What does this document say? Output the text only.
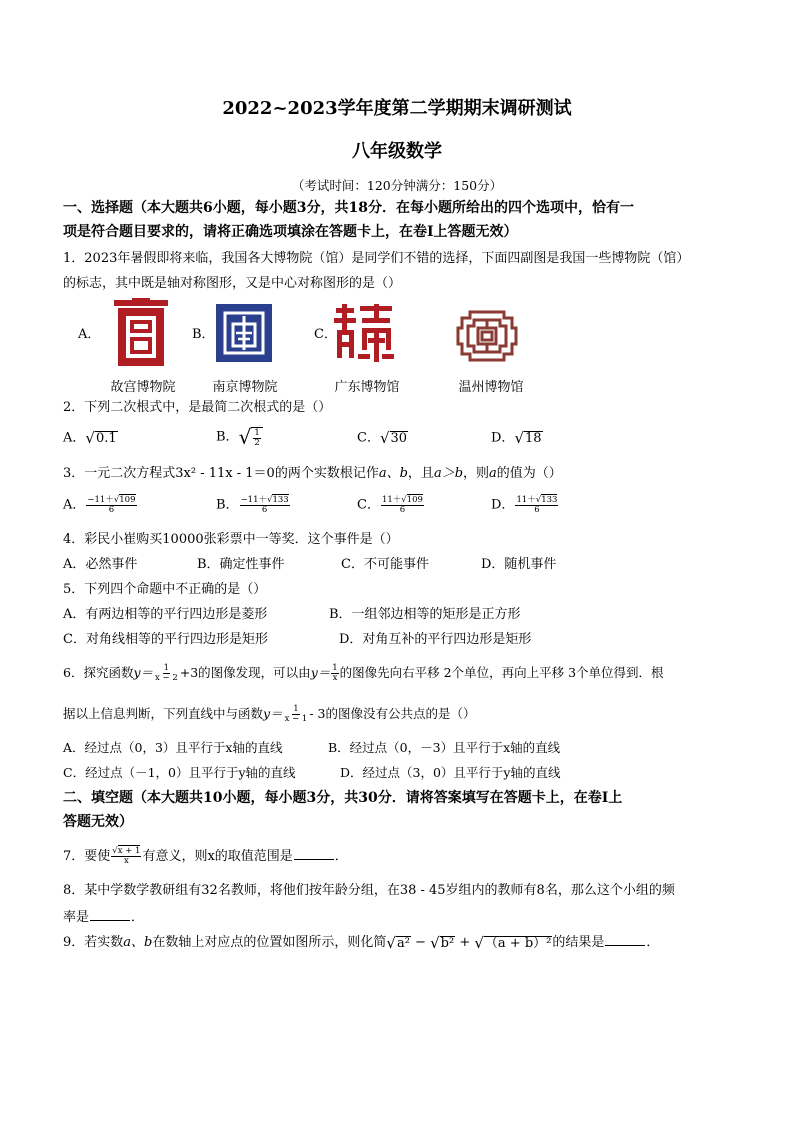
2022~2023学年度第二学期期末调研测试
八年级数学
（考试时间：120分钟满分：150分）
一、选择题（本大题共6小题，每小题3分，共18分．在每小题所给出的四个选项中，恰有一
项是符合题目要求的，请将正确选项填涂在答题卡上，在卷Ⅰ上答题无效）
1．2023年暑假即将来临，我国各大博物院（馆）是同学们不错的选择，下面四副图是我国一些博物院（馆）
的标志，其中既是轴对称图形，又是中心对称图形的是（）
A．	B．	C．
故宫博物院	南京博物院	广东博物馆	温州博物馆
2．下列二次根式中，是最简二次根式的是（）
A． √ 0.1	B． √ $\frac{1}{2}$	C． √ 30	D． √ 18
3．一元二次方程式3x² - 11x - 1＝0的两个实数根记作a、b，且a＞b，则a的值为（）
A． $\frac{-11+√109}{6}$	B． $\frac{-11+√133}{6}$	C． $\frac{11+√109}{6}$	D． $\frac{11+√133}{6}$
4．彩民小崔购买10000张彩票中一等奖．这个事件是（）
A．必然事件	B．确定性事件	C．不可能事件	D．随机事件
5．下列四个命题中不正确的是（）
A．有两边相等的平行四边形是菱形	B．一组邻边相等的矩形是正方形
C．对角线相等的平行四边形是矩形	D．对角互补的平行四边形是矩形
6．探究函数$y= \frac{1}{x - 2} +3$的图像发现，可以由$y= \frac{1}{x}$ 的图像先向右平移 2个单位，再向上平移 3个单位得到．根
据以上信息判断，下列直线中与函数$y= \frac{1}{x - 1} - 3$的图像没有公共点的是（）
A．经过点（0，3）且平行于x轴的直线	B．经过点（0，－3）且平行于x轴的直线
C．经过点（－1，0）且平行于y轴的直线	D．经过点（3，0）且平行于y轴的直线
二、填空题（本大题共10小题，每小题3分，共30分．请将答案填写在答题卡上，在卷Ⅰ上
答题无效）
7．要使 $\frac{√x + 1}{x}$ 有意义，则x的取值范围是	．
8．某中学数学教研组有32名教师，将他们按年龄分组，在38 - 45岁组内的教师有8名，那么这个小组的频
率是	．
9．若实数a、b在数轴上对应点的位置如图所示，则化简 √ a² − √ b² + √ （a + b）² 的结果是	．
